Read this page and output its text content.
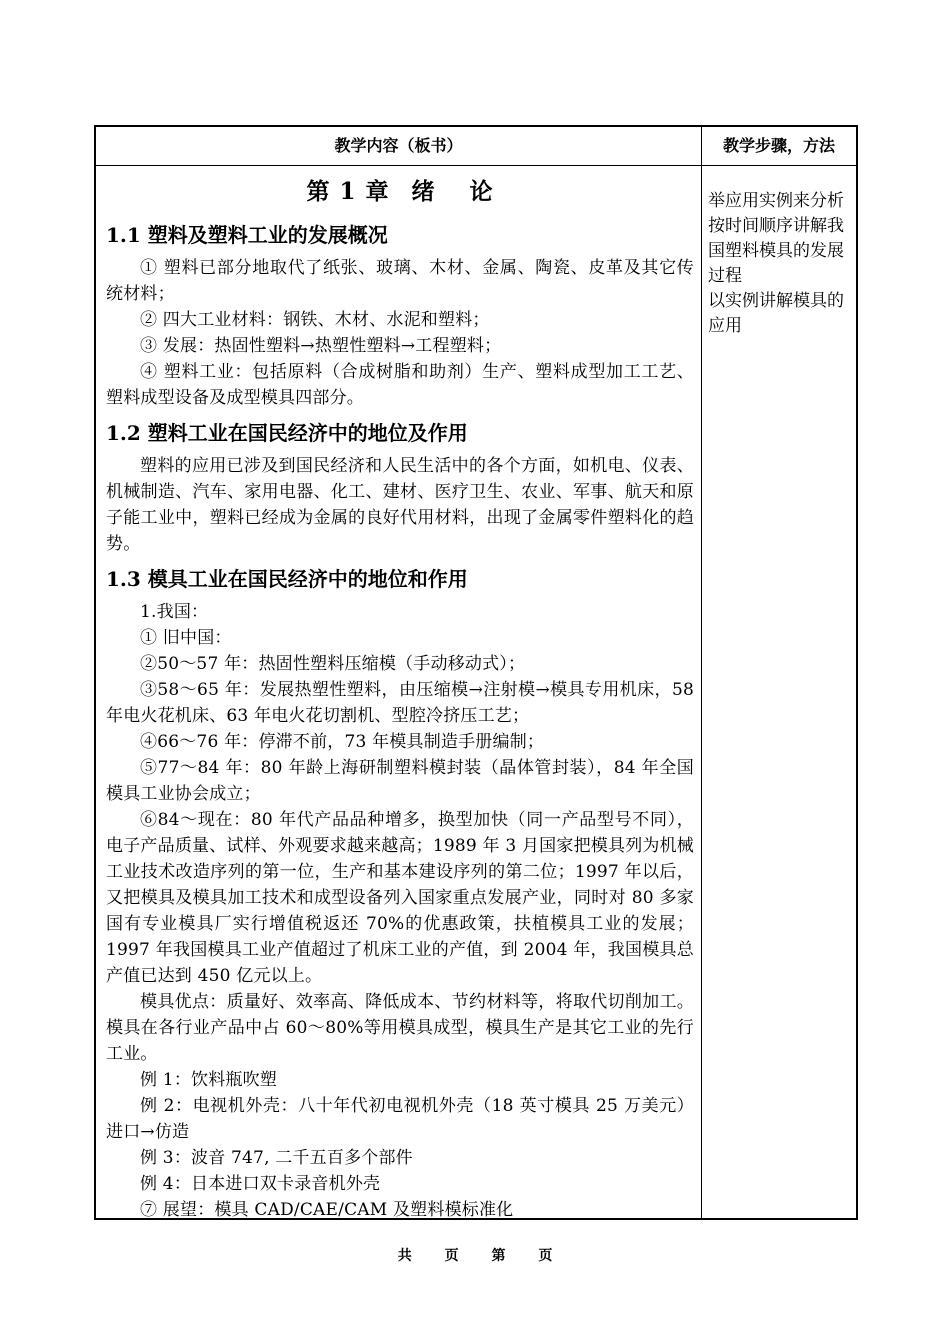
教学内容（板书）	教学步骤，方法
第 1 章 绪 论
1.1 塑料及塑料工业的发展概况

① 塑料已部分地取代了纸张、玻璃、木材、金属、陶瓷、皮革及其它传统材料；

② 四大工业材料：钢铁、木材、水泥和塑料；

③ 发展：热固性塑料→热塑性塑料→工程塑料；

④ 塑料工业：包括原料（合成树脂和助剂）生产、塑料成型加工工艺、塑料成型设备及成型模具四部分。

1.2 塑料工业在国民经济中的地位及作用

塑料的应用已涉及到国民经济和人民生活中的各个方面，如机电、仪表、机械制造、汽车、家用电器、化工、建材、医疗卫生、农业、军事、航天和原子能工业中，塑料已经成为金属的良好代用材料，出现了金属零件塑料化的趋势。

1.3 模具工业在国民经济中的地位和作用

1.我国：

① 旧中国：

②50～57 年：热固性塑料压缩模（手动移动式）；

③58～65 年：发展热塑性塑料，由压缩模→注射模→模具专用机床，58 年电火花机床、63 年电火花切割机、型腔冷挤压工艺；

④66～76 年：停滞不前，73 年模具制造手册编制；

⑤77～84 年：80 年龄上海研制塑料模封装（晶体管封装），84 年全国模具工业协会成立；

⑥84～现在：80 年代产品品种增多，换型加快（同一产品型号不同），电子产品质量、试样、外观要求越来越高；1989 年 3 月国家把模具列为机械工业技术改造序列的第一位，生产和基本建设序列的第二位；1997 年以后，又把模具及模具加工技术和成型设备列入国家重点发展产业，同时对 80 多家国有专业模具厂实行增值税返还 70%的优惠政策，扶植模具工业的发展；1997 年我国模具工业产值超过了机床工业的产值，到 2004 年，我国模具总产值已达到 450 亿元以上。

模具优点：质量好、效率高、降低成本、节约材料等，将取代切削加工。模具在各行业产品中占 60～80%等用模具成型，模具生产是其它工业的先行工业。

例 1：饮料瓶吹塑

例 2：电视机外壳：八十年代初电视机外壳（18 英寸模具 25 万美元）进口→仿造

例 3：波音 747, 二千五百多个部件

例 4：日本进口双卡录音机外壳

⑦ 展望：模具 CAD/CAE/CAM 及塑料模标准化

举应用实例来分析
按时间顺序讲解我国塑料模具的发展过程
以实例讲解模具的应用
共 页 第 页
